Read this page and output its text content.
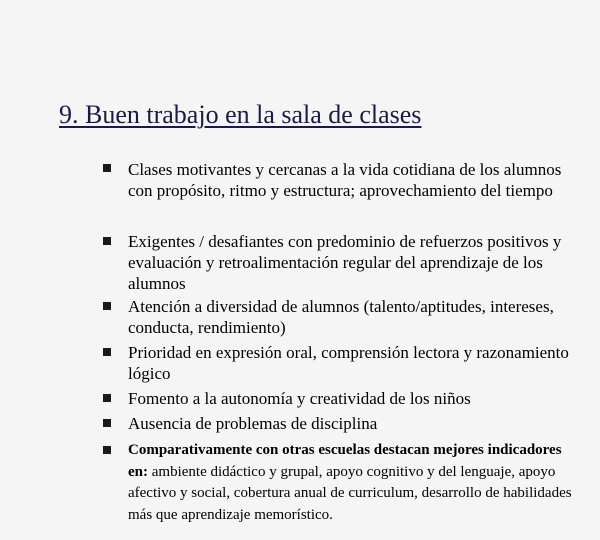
9. Buen trabajo en la sala de clases
Clases motivantes y cercanas a la vida cotidiana de los alumnos con propósito, ritmo y estructura; aprovechamiento del tiempo
Exigentes / desafiantes con predominio de refuerzos positivos y evaluación y retroalimentación regular del aprendizaje de los alumnos
Atención a diversidad de alumnos (talento/aptitudes, intereses, conducta, rendimiento)
Prioridad en expresión oral, comprensión lectora y razonamiento lógico
Fomento a la autonomía y creatividad de los niños
Ausencia de problemas de disciplina
Comparativamente con otras escuelas destacan mejores indicadores en: ambiente didáctico y grupal, apoyo cognitivo y del lenguaje, apoyo afectivo y social, cobertura anual de curriculum, desarrollo de habilidades más que aprendizaje memorístico.
